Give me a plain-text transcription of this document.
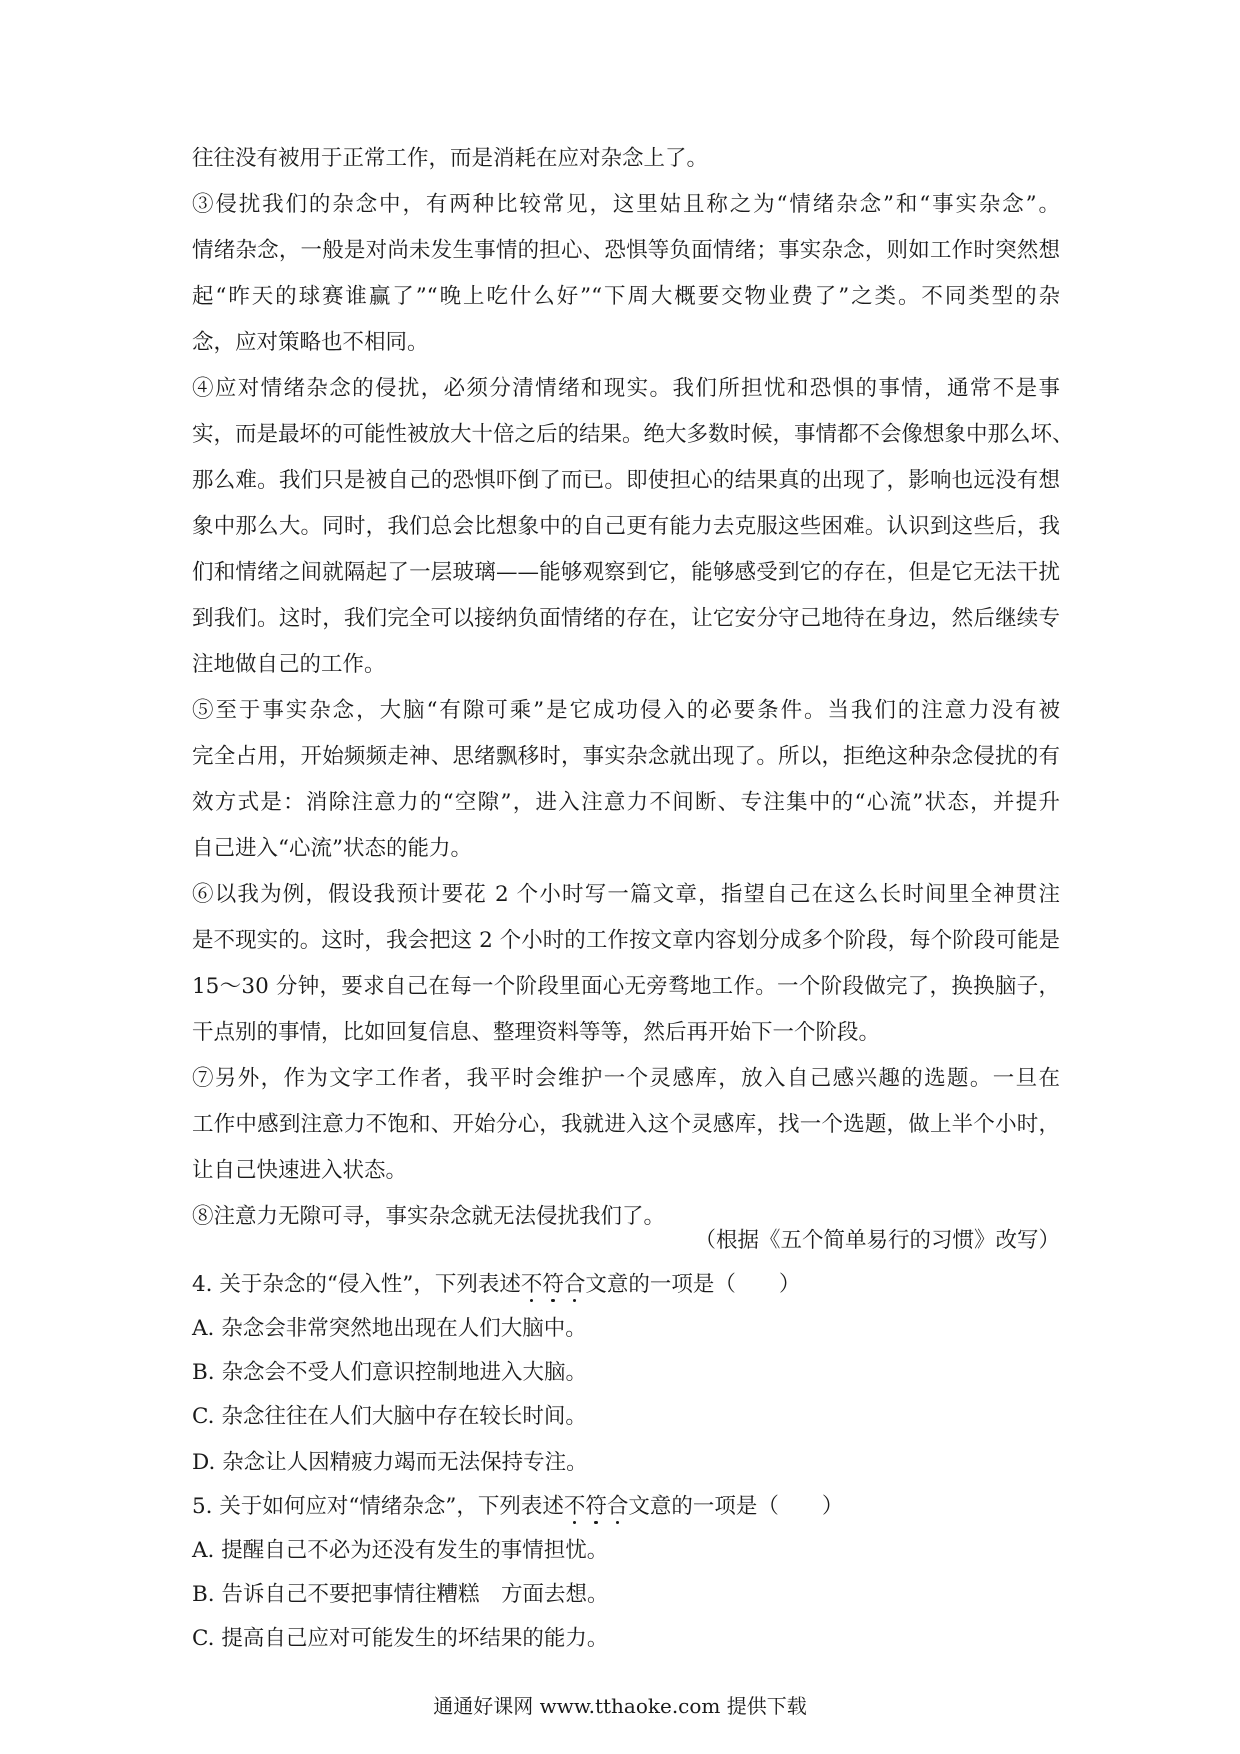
往往没有被用于正常工作，而是消耗在应对杂念上了。
③侵扰我们的杂念中，有两种比较常见，这里姑且称之为“情绪杂念”和“事实杂念”。
情绪杂念，一般是对尚未发生事情的担心、恐惧等负面情绪；事实杂念，则如工作时突然想
起“昨天的球赛谁赢了”“晚上吃什么好”“下周大概要交物业费了”之类。不同类型的杂
念，应对策略也不相同。
④应对情绪杂念的侵扰，必须分清情绪和现实。我们所担忧和恐惧的事情，通常不是事
实，而是最坏的可能性被放大十倍之后的结果。绝大多数时候，事情都不会像想象中那么坏、
那么难。我们只是被自己的恐惧吓倒了而已。即使担心的结果真的出现了，影响也远没有想
象中那么大。同时，我们总会比想象中的自己更有能力去克服这些困难。认识到这些后，我
们和情绪之间就隔起了一层玻璃——能够观察到它，能够感受到它的存在，但是它无法干扰
到我们。这时，我们完全可以接纳负面情绪的存在，让它安分守己地待在身边，然后继续专
注地做自己的工作。
⑤至于事实杂念，大脑“有隙可乘”是它成功侵入的必要条件。当我们的注意力没有被
完全占用，开始频频走神、思绪飘移时，事实杂念就出现了。所以，拒绝这种杂念侵扰的有
效方式是：消除注意力的“空隙”，进入注意力不间断、专注集中的“心流”状态，并提升
自己进入“心流”状态的能力。
⑥以我为例，假设我预计要花 2 个小时写一篇文章，指望自己在这么长时间里全神贯注
是不现实的。这时，我会把这 2 个小时的工作按文章内容划分成多个阶段，每个阶段可能是
15～30 分钟，要求自己在每一个阶段里面心无旁骛地工作。一个阶段做完了，换换脑子，
干点别的事情，比如回复信息、整理资料等等，然后再开始下一个阶段。
⑦另外，作为文字工作者，我平时会维护一个灵感库，放入自己感兴趣的选题。一旦在
工作中感到注意力不饱和、开始分心，我就进入这个灵感库，找一个选题，做上半个小时，
让自己快速进入状态。
⑧注意力无隙可寻，事实杂念就无法侵扰我们了。
（根据《五个简单易行的习惯》改写）
4. 关于杂念的“侵入性”，下列表述不符合文意的一项是（　　）
A. 杂念会非常突然地出现在人们大脑中。
B. 杂念会不受人们意识控制地进入大脑。
C. 杂念往往在人们大脑中存在较长时间。
D. 杂念让人因精疲力竭而无法保持专注。
5. 关于如何应对“情绪杂念”，下列表述不符合文意的一项是（　　）
A. 提醒自己不必为还没有发生的事情担忧。
B. 告诉自己不要把事情往糟糕　方面去想。
通通好课网 www.tthaoke.com 提供下载
C. 提高自己应对可能发生的坏结果的能力。
